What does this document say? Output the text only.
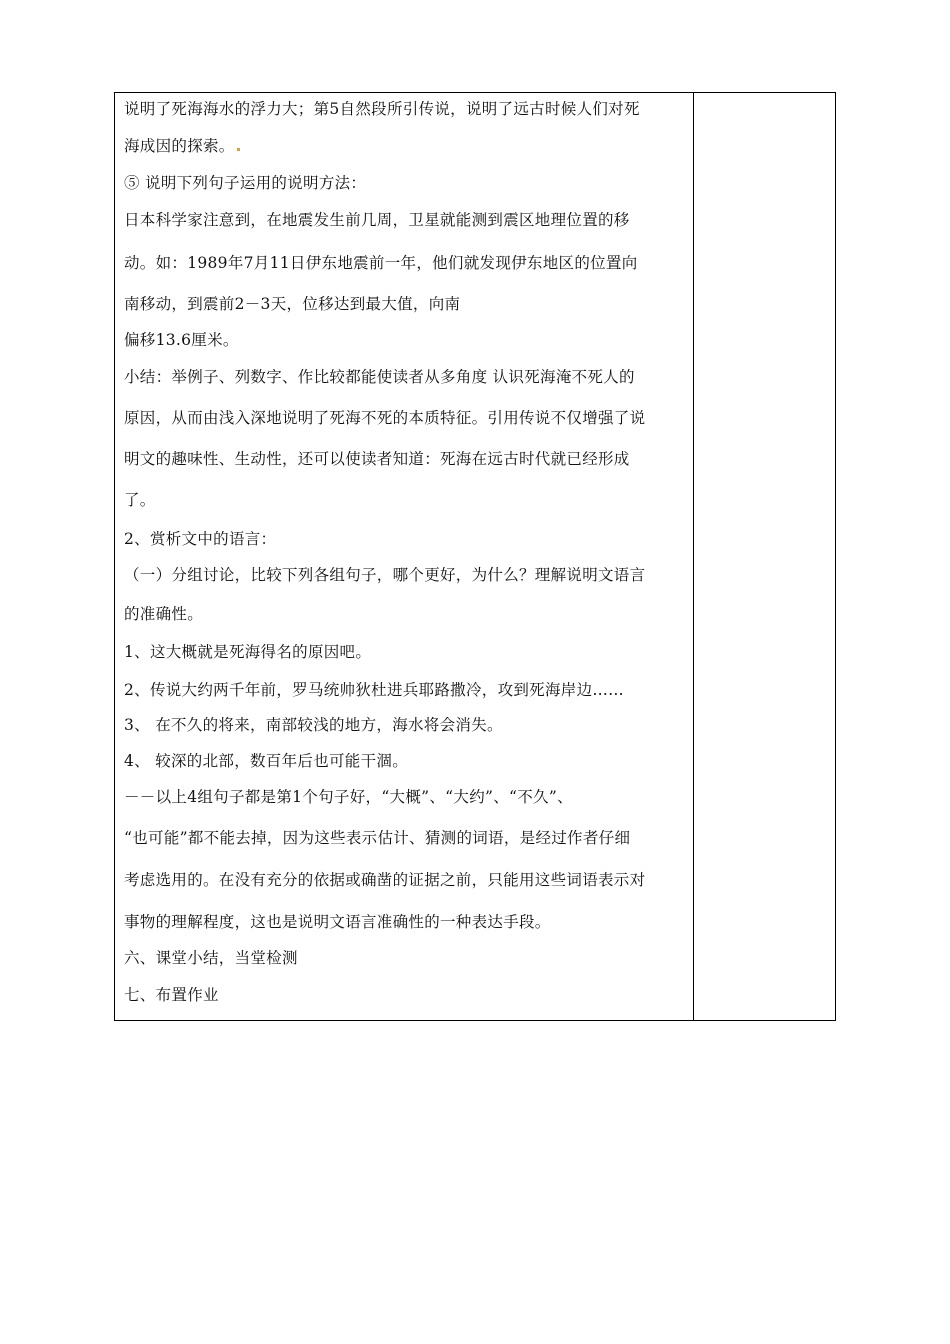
说明了死海海水的浮力大；第5自然段所引传说，说明了远古时候人们对死
海成因的探索。
⑤ 说明下列句子运用的说明方法：
日本科学家注意到，在地震发生前几周，卫星就能测到震区地理位置的移
动。如：1989年7月11日伊东地震前一年，他们就发现伊东地区的位置向
南移动，到震前2－3天，位移达到最大值，向南
偏移13.6厘米。
小结：举例子、列数字、作比较都能使读者从多角度 认识死海淹不死人的
原因，从而由浅入深地说明了死海不死的本质特征。引用传说不仅增强了说
明文的趣味性、生动性，还可以使读者知道：死海在远古时代就已经形成
了。
2、赏析文中的语言：
（一）分组讨论，比较下列各组句子，哪个更好，为什么？理解说明文语言
的准确性。
1、这大概就是死海得名的原因吧。
2、传说大约两千年前，罗马统帅狄杜进兵耶路撒冷，攻到死海岸边……
3、 在不久的将来，南部较浅的地方，海水将会消失。
4、 较深的北部，数百年后也可能干涸。
－－以上4组句子都是第1个句子好，“大概”、“大约”、“不久”、
“也可能”都不能去掉，因为这些表示估计、猜测的词语，是经过作者仔细
考虑选用的。在没有充分的依据或确凿的证据之前，只能用这些词语表示对
事物的理解程度，这也是说明文语言准确性的一种表达手段。
六、课堂小结，当堂检测
七、布置作业
